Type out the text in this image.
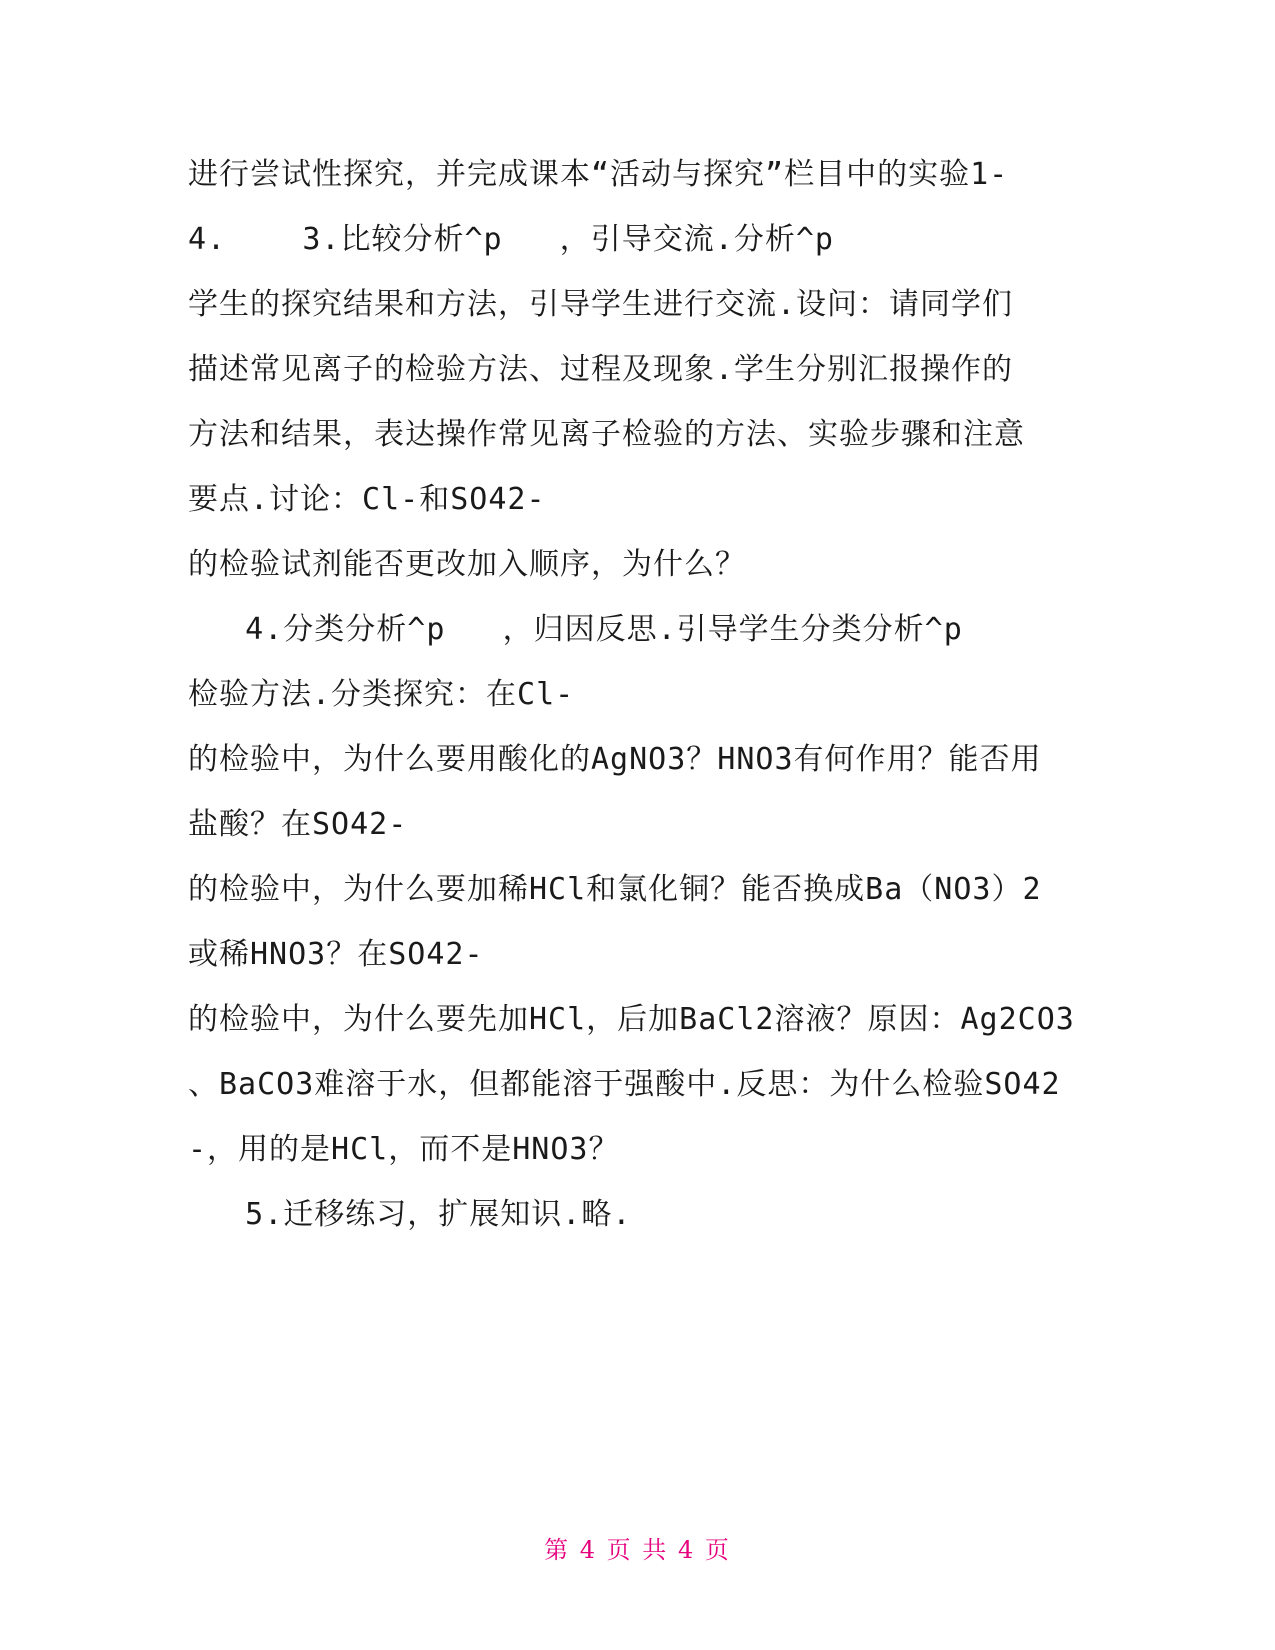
进行尝试性探究，并完成课本“活动与探究”栏目中的实验1-
4.    3.比较分析^p   ，引导交流.分析^p
学生的探究结果和方法，引导学生进行交流.设问：请同学们
描述常见离子的检验方法、过程及现象.学生分别汇报操作的
方法和结果，表达操作常见离子检验的方法、实验步骤和注意
要点.讨论：Cl-和SO42-
的检验试剂能否更改加入顺序，为什么？
4.分类分析^p   ，归因反思.引导学生分类分析^p
检验方法.分类探究：在Cl-
的检验中，为什么要用酸化的AgNO3？HNO3有何作用？能否用
盐酸？在SO42-
的检验中，为什么要加稀HCl和氯化铜？能否换成Ba（NO3）2
或稀HNO3？在SO42-
的检验中，为什么要先加HCl，后加BaCl2溶液？原因：Ag2CO3
、BaCO3难溶于水，但都能溶于强酸中.反思：为什么检验SO42
-，用的是HCl，而不是HNO3？
5.迁移练习，扩展知识.略.
第 4 页 共 4 页
